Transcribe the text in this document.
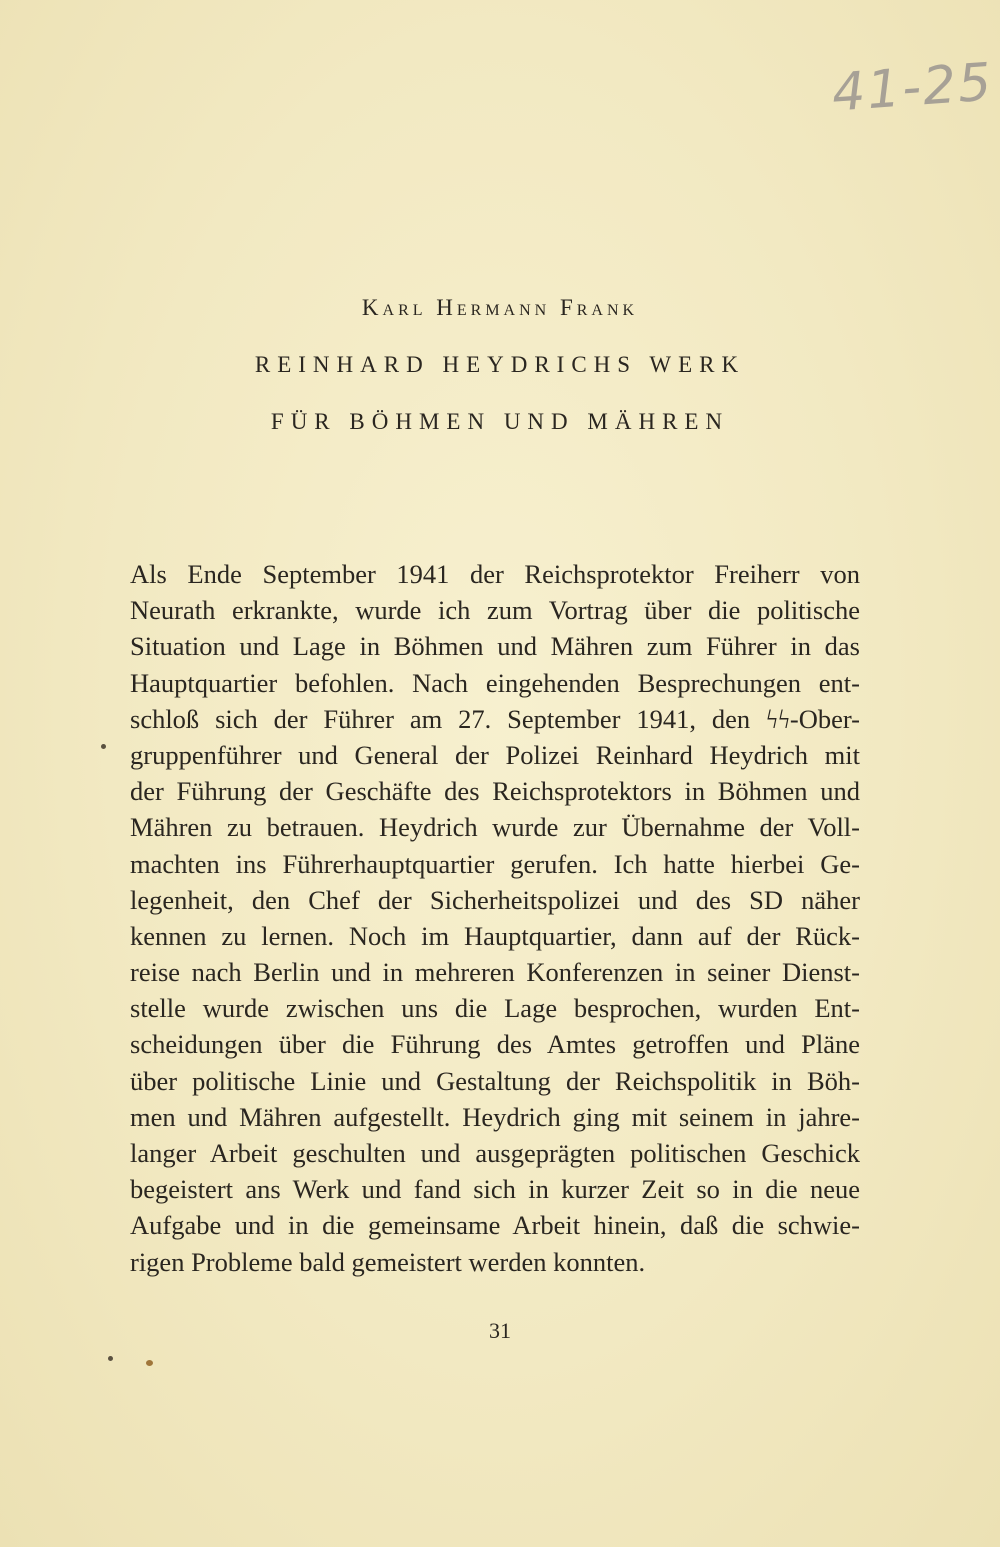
41-25
Karl Hermann Frank
REINHARD HEYDRICHS WERK
FÜR BÖHMEN UND MÄHREN
Als Ende September 1941 der Reichsprotektor Freiherr von
Neurath erkrankte, wurde ich zum Vortrag über die politische
Situation und Lage in Böhmen und Mähren zum Führer in das
Hauptquartier befohlen. Nach eingehenden Besprechungen ent-
schloß sich der Führer am 27. September 1941, den ϟϟ-Ober-
gruppenführer und General der Polizei Reinhard Heydrich mit
der Führung der Geschäfte des Reichsprotektors in Böhmen und
Mähren zu betrauen. Heydrich wurde zur Übernahme der Voll-
machten ins Führerhauptquartier gerufen. Ich hatte hierbei Ge-
legenheit, den Chef der Sicherheitspolizei und des SD näher
kennen zu lernen. Noch im Hauptquartier, dann auf der Rück-
reise nach Berlin und in mehreren Konferenzen in seiner Dienst-
stelle wurde zwischen uns die Lage besprochen, wurden Ent-
scheidungen über die Führung des Amtes getroffen und Pläne
über politische Linie und Gestaltung der Reichspolitik in Böh-
men und Mähren aufgestellt. Heydrich ging mit seinem in jahre-
langer Arbeit geschulten und ausgeprägten politischen Geschick
begeistert ans Werk und fand sich in kurzer Zeit so in die neue
Aufgabe und in die gemeinsame Arbeit hinein, daß die schwie-
rigen Probleme bald gemeistert werden konnten.
31
